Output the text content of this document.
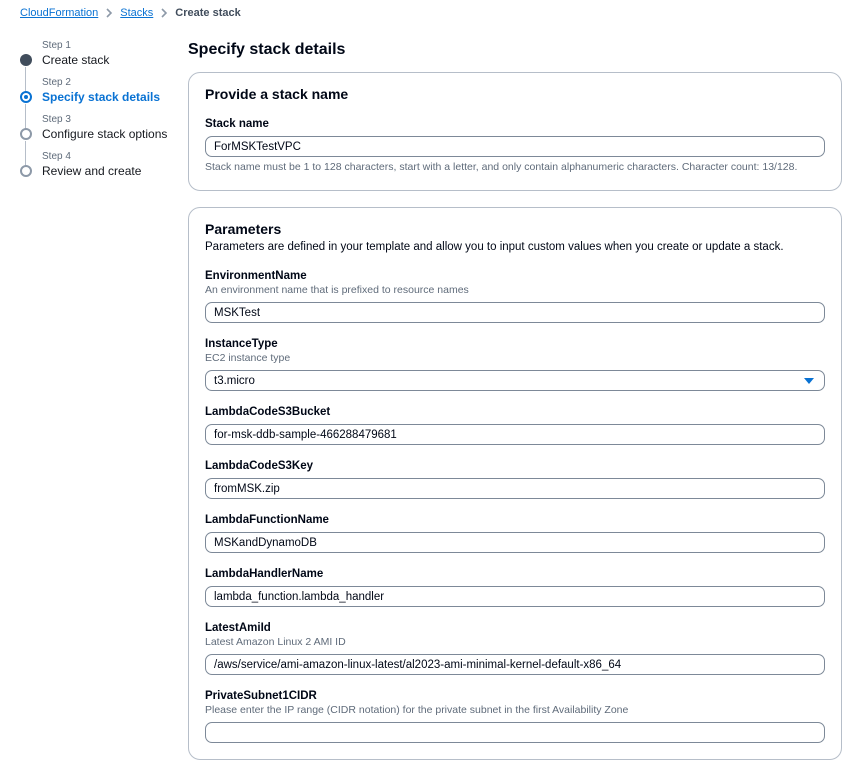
CloudFormation Stacks Create stack
Step 1
Create stack
Step 2
Specify stack details
Step 3
Configure stack options
Step 4
Review and create
Specify stack details
Provide a stack name
Stack name
ForMSKTestVPC
Stack name must be 1 to 128 characters, start with a letter, and only contain alphanumeric characters. Character count: 13/128.
Parameters
Parameters are defined in your template and allow you to input custom values when you create or update a stack.
EnvironmentName
An environment name that is prefixed to resource names
MSKTest
InstanceType
EC2 instance type
t3.micro
LambdaCodeS3Bucket
for-msk-ddb-sample-466288479681
LambdaCodeS3Key
fromMSK.zip
LambdaFunctionName
MSKandDynamoDB
LambdaHandlerName
lambda_function.lambda_handler
LatestAmiId
Latest Amazon Linux 2 AMI ID
/aws/service/ami-amazon-linux-latest/al2023-ami-minimal-kernel-default-x86_64
PrivateSubnet1CIDR
Please enter the IP range (CIDR notation) for the private subnet in the first Availability Zone
